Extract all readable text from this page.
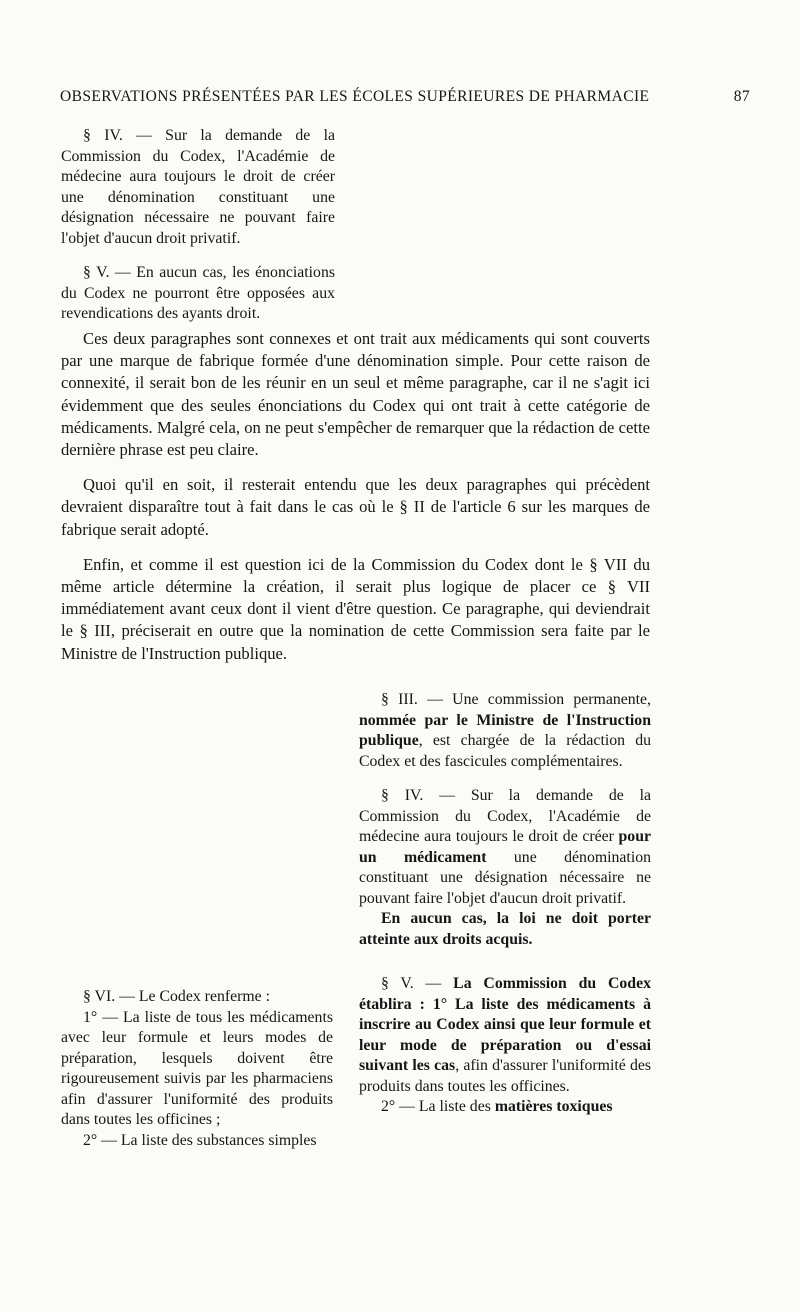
OBSERVATIONS PRÉSENTÉES PAR LES ÉCOLES SUPÉRIEURES DE PHARMACIE	87

§ IV. — Sur la demande de la Commission du Codex, l'Académie de médecine aura toujours le droit de créer une dénomination constituant une désignation nécessaire ne pouvant faire l'objet d'aucun droit privatif.

§ V. — En aucun cas, les énonciations du Codex ne pourront être opposées aux revendications des ayants droit.

Ces deux paragraphes sont connexes et ont trait aux médicaments qui sont couverts par une marque de fabrique formée d'une dénomination simple. Pour cette raison de connexité, il serait bon de les réunir en un seul et même paragraphe, car il ne s'agit ici évidemment que des seules énonciations du Codex qui ont trait à cette catégorie de médicaments. Malgré cela, on ne peut s'empêcher de remarquer que la rédaction de cette dernière phrase est peu claire.

Quoi qu'il en soit, il resterait entendu que les deux paragraphes qui précèdent devraient disparaître tout à fait dans le cas où le § II de l'article 6 sur les marques de fabrique serait adopté.

Enfin, et comme il est question ici de la Commission du Codex dont le § VII du même article détermine la création, il serait plus logique de placer ce § VII immédiatement avant ceux dont il vient d'être question. Ce paragraphe, qui deviendrait le § III, préciserait en outre que la nomination de cette Commission sera faite par le Ministre de l'Instruction publique.

§ III. — Une commission permanente, nommée par le Ministre de l'Instruction publique, est chargée de la rédaction du Codex et des fascicules complémentaires.

§ IV. — Sur la demande de la Commission du Codex, l'Académie de médecine aura toujours le droit de créer pour un médicament une dénomination constituant une désignation nécessaire ne pouvant faire l'objet d'aucun droit privatif.

En aucun cas, la loi ne doit porter atteinte aux droits acquis.

§ V. — La Commission du Codex établira : 1° La liste des médicaments à inscrire au Codex ainsi que leur formule et leur mode de préparation ou d'essai suivant les cas, afin d'assurer l'uniformité des produits dans toutes les officines.

2° — La liste des matières toxiques

§ VI. — Le Codex renferme :

1° — La liste de tous les médicaments avec leur formule et leurs modes de préparation, lesquels doivent être rigoureusement suivis par les pharmaciens afin d'assurer l'uniformité des produits dans toutes les officines ;

2° — La liste des substances simples
